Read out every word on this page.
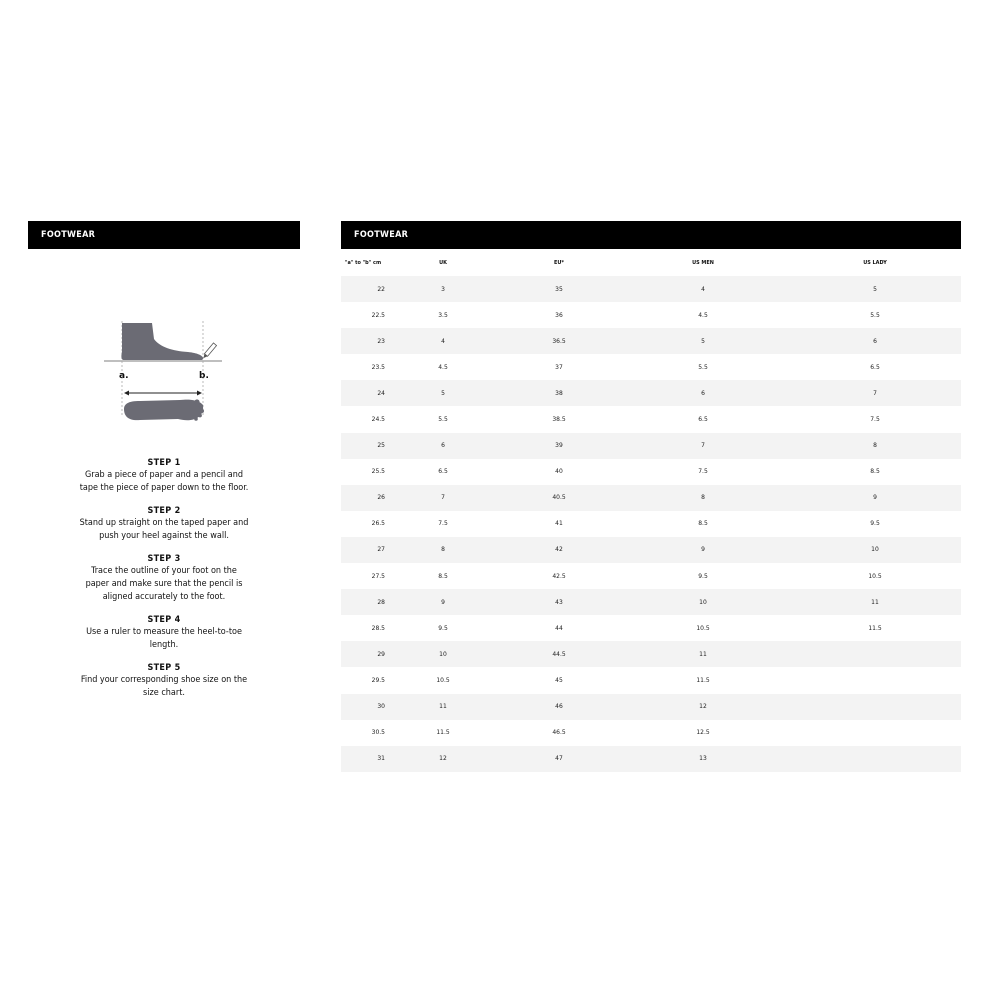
FOOTWEAR
a.	b.
STEP 1
Grab a piece of paper and a pencil and tape the piece of paper down to the floor.
STEP 2
Stand up straight on the taped paper and push your heel against the wall.
STEP 3
Trace the outline of your foot on the paper and make sure that the pencil is aligned accurately to the foot.
STEP 4
Use a ruler to measure the heel-to-toe length.
STEP 5
Find your corresponding shoe size on the size chart.
FOOTWEAR
"a" to "b" cm	UK	EU*	US MEN	US LADY
22	3	35	4	5
22.5	3.5	36	4.5	5.5
23	4	36.5	5	6
23.5	4.5	37	5.5	6.5
24	5	38	6	7
24.5	5.5	38.5	6.5	7.5
25	6	39	7	8
25.5	6.5	40	7.5	8.5
26	7	40.5	8	9
26.5	7.5	41	8.5	9.5
27	8	42	9	10
27.5	8.5	42.5	9.5	10.5
28	9	43	10	11
28.5	9.5	44	10.5	11.5
29	10	44.5	11	
29.5	10.5	45	11.5	
30	11	46	12	
30.5	11.5	46.5	12.5	
31	12	47	13	
